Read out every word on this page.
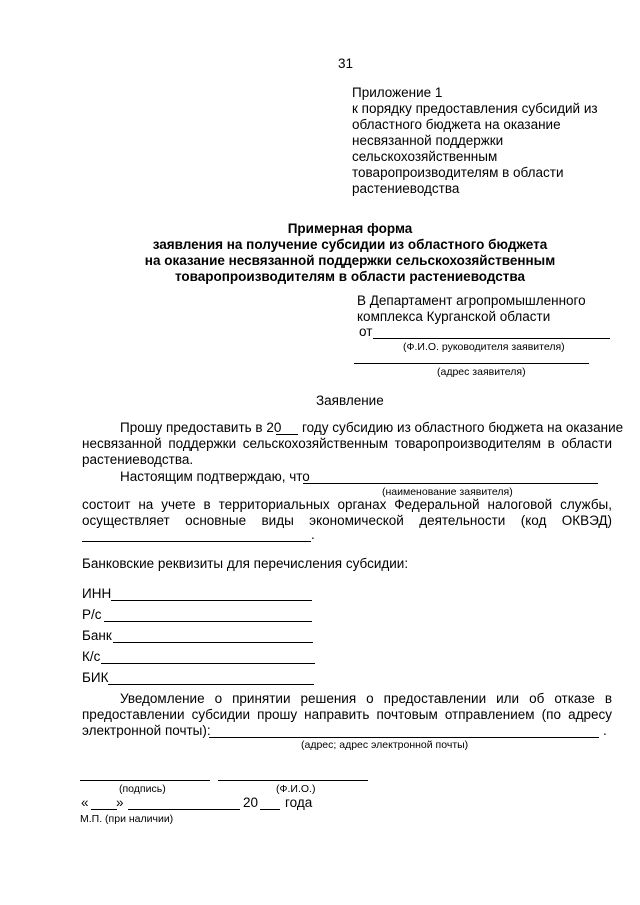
31
Приложение 1
к порядку предоставления субсидий из
областного бюджета на оказание
несвязанной поддержки
сельскохозяйственным
товаропроизводителям в области
растениеводства
Примерная форма
заявления на получение субсидии из областного бюджета
на оказание несвязанной поддержки сельскохозяйственным
товаропроизводителям в области растениеводства
В Департамент агропромышленного
комплекса Курганской области
от
(Ф.И.О. руководителя заявителя)
(адрес заявителя)
Заявление
Прошу предоставить в 20 году субсидию из областного бюджета на оказание
несвязанной поддержки сельскохозяйственным товаропроизводителям в области
растениеводства.
Настоящим подтверждаю, что
(наименование заявителя)
состоит на учете в территориальных органах Федеральной налоговой службы,
осуществляет основные виды экономической деятельности (код ОКВЭД)
.
Банковские реквизиты для перечисления субсидии:
ИНН
Р/с
Банк
К/с
БИК
Уведомление о принятии решения о предоставлении или об отказе в
предоставлении субсидии прошу направить почтовым отправлением (по адресу
электронной почты):	.
(адрес; адрес электронной почты)
(подпись)	(Ф.И.О.)
« »	20 года
М.П. (при наличии)
